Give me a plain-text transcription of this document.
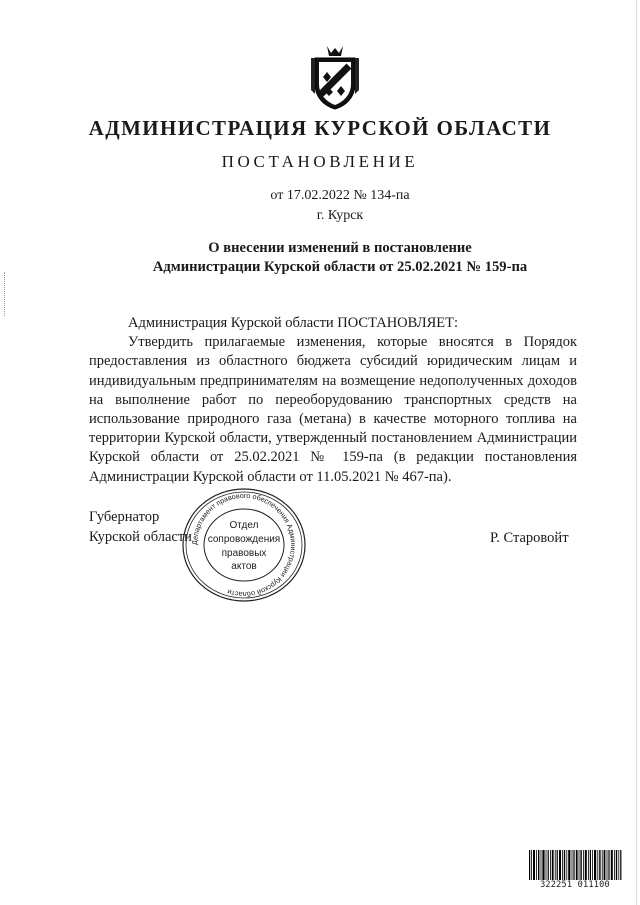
АДМИНИСТРАЦИЯ КУРСКОЙ ОБЛАСТИ
ПОСТАНОВЛЕНИЕ
от 17.02.2022 № 134-па
г. Курск
О внесении изменений в постановление
Администрации Курской области от 25.02.2021 № 159-па
Администрация Курской области ПОСТАНОВЛЯЕТ:
Утвердить прилагаемые изменения, которые вносятся в Порядок предоставления из областного бюджета субсидий юридическим лицам и индивидуальным предпринимателям на возмещение недополученных доходов на выполнение работ по переоборудованию транспортных средств на использование природного газа (метана) в качестве моторного топлива на территории Курской области, утвержденный постановлением Администрации Курской области от 25.02.2021 № 159-па (в редакции постановления Администрации Курской области от 11.05.2021 № 467-па).
Губернатор
Курской области	Р. Старовойт
Департамент правового обеспечения Администрации Курской области
Отдел
сопровождения
правовых
актов
322251 011100
